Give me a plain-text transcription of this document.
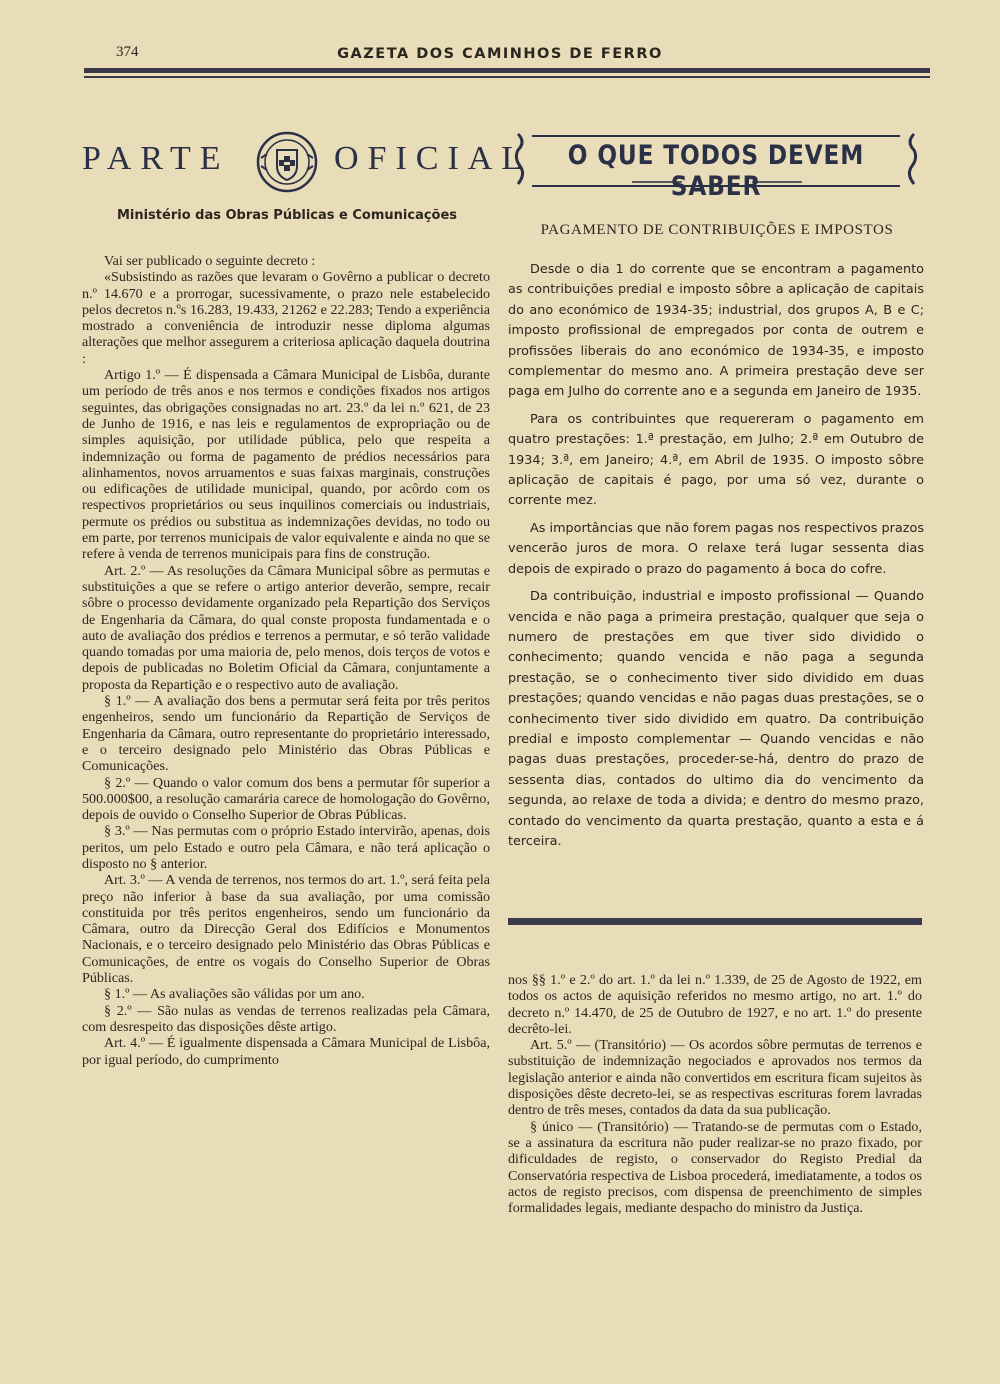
374	GAZETA DOS CAMINHOS DE FERRO
PARTE	OFICIAL	O QUE TODOS DEVEM SABER
Ministério das Obras Públicas e Comunicações
PAGAMENTO DE CONTRIBUIÇÕES E IMPOSTOS

Vai ser publicado o seguinte decreto :

«Subsistindo as razões que levaram o Govêrno a publicar o decreto n.º 14.670 e a prorrogar, sucessivamente, o prazo nele estabelecido pelos decretos n.ºs 16.283, 19.433, 21262 e 22.283; Tendo a experiência mostrado a conveniência de introduzir nesse diploma algumas alterações que melhor assegurem a criteriosa aplicação daquela doutrina :

Artigo 1.º — É dispensada a Câmara Municipal de Lisbôa, durante um período de três anos e nos termos e condições fixados nos artigos seguintes, das obrigações consignadas no art. 23.º da lei n.º 621, de 23 de Junho de 1916, e nas leis e regulamentos de expropriação ou de simples aquisição, por utilidade pública, pelo que respeita a indemnização ou forma de pagamento de prédios necessários para alinhamentos, novos arruamentos e suas faixas marginais, construções ou edificações de utilidade municipal, quando, por acôrdo com os respectivos proprietários ou seus inquilinos comerciais ou industriais, permute os prédios ou substitua as indemnizações devidas, no todo ou em parte, por terrenos municipais de valor equivalente e ainda no que se refere à venda de terrenos municipais para fins de construção.

Art. 2.º — As resoluções da Câmara Municipal sôbre as permutas e substituições a que se refere o artigo anterior deverão, sempre, recair sôbre o processo devidamente organizado pela Repartição dos Serviços de Engenharia da Câmara, do qual conste proposta fundamentada e o auto de avaliação dos prédios e terrenos a permutar, e só terão validade quando tomadas por uma maioria de, pelo menos, dois terços de votos e depois de publicadas no Boletim Oficial da Câmara, conjuntamente a proposta da Repartição e o respectivo auto de avaliação.

§ 1.º — A avaliação dos bens a permutar será feita por três peritos engenheiros, sendo um funcionário da Repartição de Serviços de Engenharia da Câmara, outro representante do proprietário interessado, e o terceiro designado pelo Ministério das Obras Públicas e Comunicações.

§ 2.º — Quando o valor comum dos bens a permutar fôr superior a 500.000$00, a resolução camarária carece de homologação do Govêrno, depois de ouvido o Conselho Superior de Obras Públicas.

§ 3.º — Nas permutas com o próprio Estado intervirão, apenas, dois peritos, um pelo Estado e outro pela Câmara, e não terá aplicação o disposto no § anterior.

Art. 3.º — A venda de terrenos, nos termos do art. 1.º, será feita pela preço não inferior à base da sua avaliação, por uma comissão constituida por três peritos engenheiros, sendo um funcionário da Câmara, outro da Direcção Geral dos Edifícios e Monumentos Nacionais, e o terceiro designado pelo Ministério das Obras Públicas e Comunicações, de entre os vogais do Conselho Superior de Obras Públicas.

§ 1.º — As avaliações são válidas por um ano.

§ 2.º — São nulas as vendas de terrenos realizadas pela Câmara, com desrespeito das disposições dêste artigo.

Art. 4.º — É igualmente dispensada a Câmara Municipal de Lisbôa, por igual período, do cumprimento

Desde o dia 1 do corrente que se encontram a pagamento as contribuições predial e imposto sôbre a aplicação de capitais do ano económico de 1934-35; industrial, dos grupos A, B e C; imposto profissional de empregados por conta de outrem e profissões liberais do ano económico de 1934-35, e imposto complementar do mesmo ano. A primeira prestação deve ser paga em Julho do corrente ano e a segunda em Janeiro de 1935.

Para os contribuintes que requereram o pagamento em quatro prestações: 1.ª prestação, em Julho; 2.ª em Outubro de 1934; 3.ª, em Janeiro; 4.ª, em Abril de 1935. O imposto sôbre aplicação de capitais é pago, por uma só vez, durante o corrente mez.

As importâncias que não forem pagas nos respectivos prazos vencerão juros de mora. O relaxe terá lugar sessenta dias depois de expirado o prazo do pagamento á boca do cofre.

Da contribuição, industrial e imposto profissional — Quando vencida e não paga a primeira prestação, qualquer que seja o numero de prestações em que tiver sido dividido o conhecimento; quando vencida e não paga a segunda prestação, se o conhecimento tiver sido dividido em duas prestações; quando vencidas e não pagas duas prestações, se o conhecimento tiver sido dividido em quatro. Da contribuição predial e imposto complementar — Quando vencidas e não pagas duas prestações, proceder-se-há, dentro do prazo de sessenta dias, contados do ultimo dia do vencimento da segunda, ao relaxe de toda a divida; e dentro do mesmo prazo, contado do vencimento da quarta prestação, quanto a esta e á terceira.

nos §§ 1.º e 2.º do art. 1.º da lei n.º 1.339, de 25 de Agosto de 1922, em todos os actos de aquisição referidos no mesmo artigo, no art. 1.º do decreto n.º 14.470, de 25 de Outubro de 1927, e no art. 1.º do presente decrêto-lei.

Art. 5.º — (Transitório) — Os acordos sôbre permutas de terrenos e substituição de indemnização negociados e aprovados nos termos da legislação anterior e ainda não convertidos em escritura ficam sujeitos às disposições dêste decreto-lei, se as respectivas escrituras forem lavradas dentro de três meses, contados da data da sua publicação.

§ único — (Transitório) — Tratando-se de permutas com o Estado, se a assinatura da escritura não puder realizar-se no prazo fixado, por dificuldades de registo, o conservador do Registo Predial da Conservatória respectiva de Lisboa procederá, imediatamente, a todos os actos de registo precisos, com dispensa de preenchimento de simples formalidades legais, mediante despacho do ministro da Justiça.
